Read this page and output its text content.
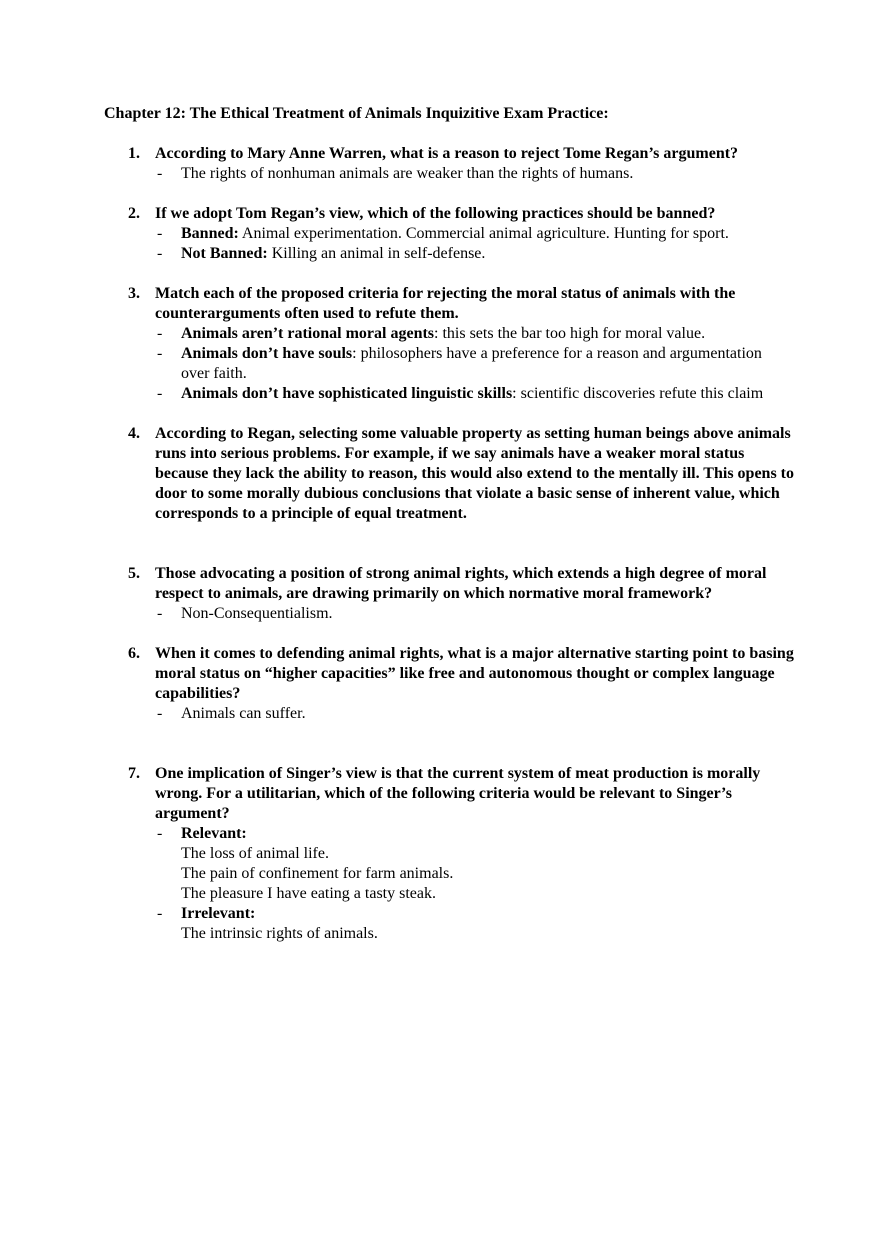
Chapter 12: The Ethical Treatment of Animals Inquizitive Exam Practice:
1. According to Mary Anne Warren, what is a reason to reject Tome Regan’s argument?
- The rights of nonhuman animals are weaker than the rights of humans.
2. If we adopt Tom Regan’s view, which of the following practices should be banned?
- Banned: Animal experimentation. Commercial animal agriculture. Hunting for sport.
- Not Banned: Killing an animal in self-defense.
3. Match each of the proposed criteria for rejecting the moral status of animals with the counterarguments often used to refute them.
- Animals aren’t rational moral agents: this sets the bar too high for moral value.
- Animals don’t have souls: philosophers have a preference for a reason and argumentation over faith.
- Animals don’t have sophisticated linguistic skills: scientific discoveries refute this claim
4. According to Regan, selecting some valuable property as setting human beings above animals runs into serious problems. For example, if we say animals have a weaker moral status because they lack the ability to reason, this would also extend to the mentally ill. This opens to door to some morally dubious conclusions that violate a basic sense of inherent value, which corresponds to a principle of equal treatment.
5. Those advocating a position of strong animal rights, which extends a high degree of moral respect to animals, are drawing primarily on which normative moral framework?
- Non-Consequentialism.
6. When it comes to defending animal rights, what is a major alternative starting point to basing moral status on “higher capacities” like free and autonomous thought or complex language capabilities?
- Animals can suffer.
7. One implication of Singer’s view is that the current system of meat production is morally wrong. For a utilitarian, which of the following criteria would be relevant to Singer’s argument?
- Relevant:
The loss of animal life.
The pain of confinement for farm animals.
The pleasure I have eating a tasty steak.
- Irrelevant:
The intrinsic rights of animals.
